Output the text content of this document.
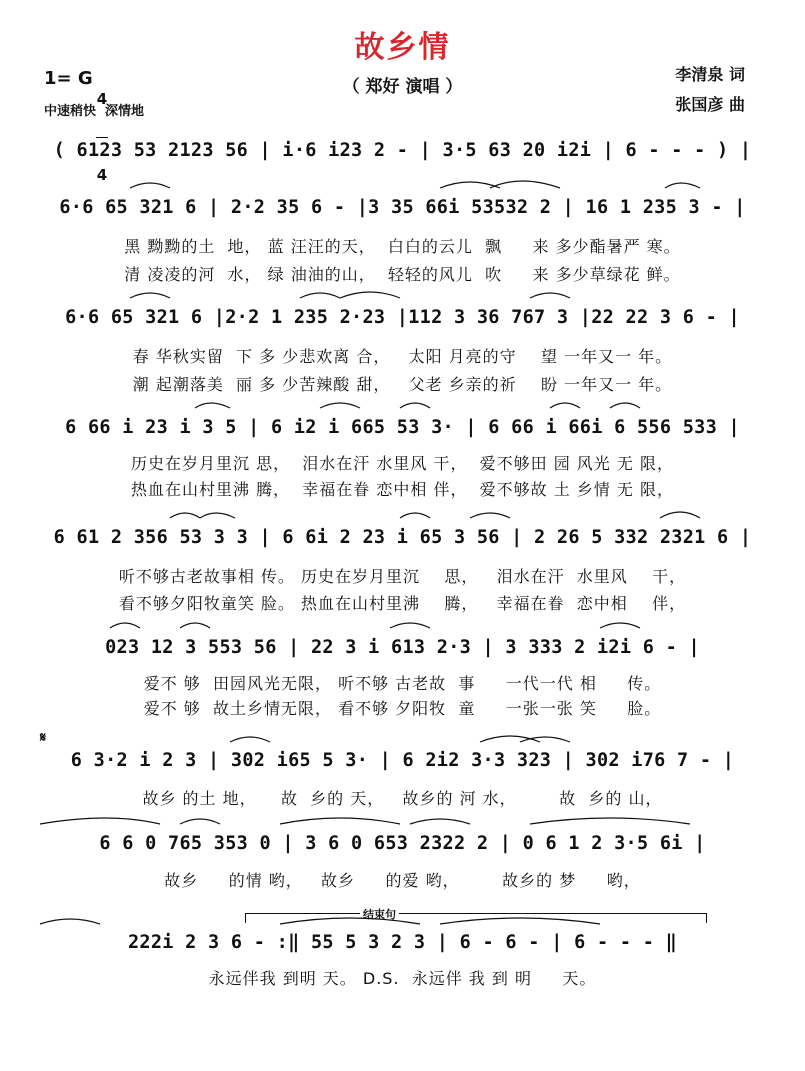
故乡情
（ 郑好 演唱 ）
李清泉 词
张国彦 曲
1= G

4

4

中速稍快  深情地
( 6123 53 2123 56 | i·6 i23 2 - | 3·5 63 20 i2i | 6 - - - ) |
6·6 65 321 6 | 2·2 35 6 - |3 35 66i 53532 2 | 16 1 235 3 - |
黑 黝黝的土  地， 蓝 汪汪的天，  白白的云儿  飘     来 多少酯暑严 寒。
清 凌凌的河  水， 绿 油油的山，  轻轻的风儿  吹     来 多少草绿花 鲜。
6·6 65 321 6 |2·2 1 235 2·23 |112 3 36 767 3 |22 22 3 6 - |
春 华秋实留  下 多 少悲欢离 合，   太阳 月亮的守    望 一年又一 年。
潮 起潮落美  丽 多 少苦辣酸 甜，   父老 乡亲的祈    盼 一年又一 年。
6 66 i 23 i 3 5 | 6 i2 i 665 53 3· | 6 66 i 66i 6 556 533 |
历史在岁月里沉 思，  泪水在汗 水里风 干，  爱不够田 园 风光 无 限，
热血在山村里沸 腾，  幸福在眷 恋中相 伴，  爱不够故 土 乡情 无 限，
6 61 2 356 53 3 3 | 6 6i 2 23 i 65 3 56 | 2 26 5 332 2321 6 |
听不够古老故事相 传。 历史在岁月里沉    思，   泪水在汗  水里风    干，
看不够夕阳牧童笑 脸。 热血在山村里沸    腾，   幸福在眷  恋中相    伴，
023 12 3 553 56 | 22 3 i 613 2·3 | 3 333 2 i2i 6 - |
爱不 够  田园风光无限， 听不够 古老故  事     一代一代 相     传。
爱不 够  故土乡情无限， 看不够 夕阳牧  童     一张一张 笑     脸。
𝄋
6 3·2 i 2 3 | 302 i65 5 3· | 6 2i2 3·3 323 | 302 i76 7 - |
故乡 的土 地，    故  乡的 天，   故乡的 河 水，       故  乡的 山，
6 6 0 765 353 0 | 3 6 0 653 2322 2 | 0 6 1 2 3·5 6i |
故乡     的情 哟，   故乡     的爱 哟，       故乡的 梦     哟，
结束句
222i 2 3 6 - :‖ 55 5 3 2 3 | 6 - 6 - | 6 - - - ‖
永远伴我 到明 天。 D.S.  永远伴 我 到 明     天。
